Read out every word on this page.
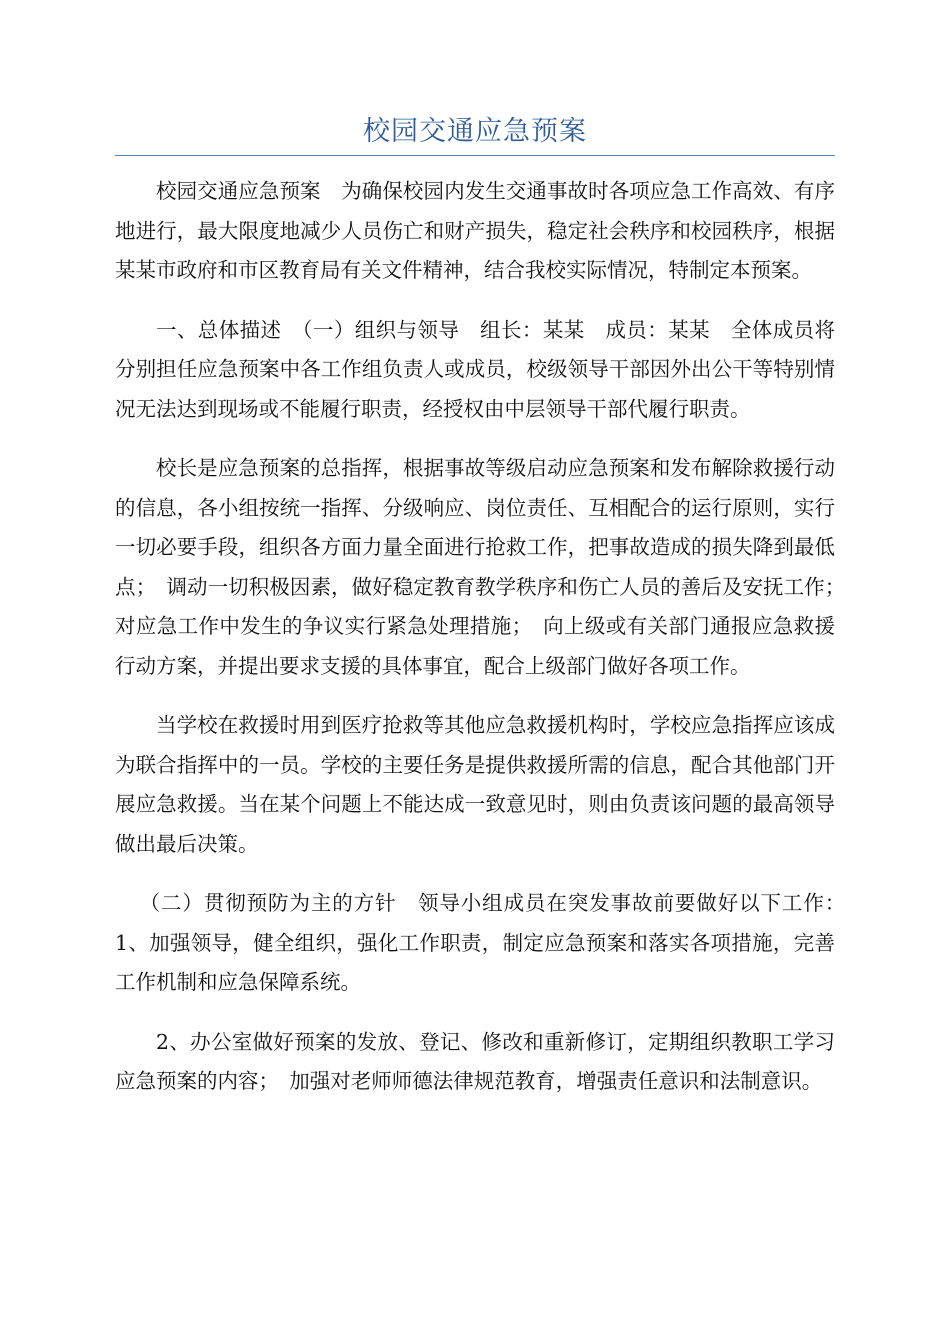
校园交通应急预案

校园交通应急预案　为确保校园内发生交通事故时各项应急工作高效、有序地进行，最大限度地减少人员伤亡和财产损失，稳定社会秩序和校园秩序，根据某某市政府和市区教育局有关文件精神，结合我校实际情况，特制定本预案。

一、总体描述　（一）组织与领导　组长：某某　成员：某某　全体成员将分别担任应急预案中各工作组负责人或成员，校级领导干部因外出公干等特别情况无法达到现场或不能履行职责，经授权由中层领导干部代履行职责。

校长是应急预案的总指挥，根据事故等级启动应急预案和发布解除救援行动的信息，各小组按统一指挥、分级响应、岗位责任、互相配合的运行原则，实行一切必要手段，组织各方面力量全面进行抢救工作，把事故造成的损失降到最低点；　调动一切积极因素，做好稳定教育教学秩序和伤亡人员的善后及安抚工作；　对应急工作中发生的争议实行紧急处理措施；　向上级或有关部门通报应急救援行动方案，并提出要求支援的具体事宜，配合上级部门做好各项工作。

当学校在救援时用到医疗抢救等其他应急救援机构时，学校应急指挥应该成为联合指挥中的一员。学校的主要任务是提供救援所需的信息，配合其他部门开展应急救援。当在某个问题上不能达成一致意见时，则由负责该问题的最高领导做出最后决策。

（二）贯彻预防为主的方针　领导小组成员在突发事故前要做好以下工作：　1、加强领导，健全组织，强化工作职责，制定应急预案和落实各项措施，完善工作机制和应急保障系统。

2、办公室做好预案的发放、登记、修改和重新修订，定期组织教职工学习应急预案的内容；　加强对老师师德法律规范教育，增强责任意识和法制意识。
